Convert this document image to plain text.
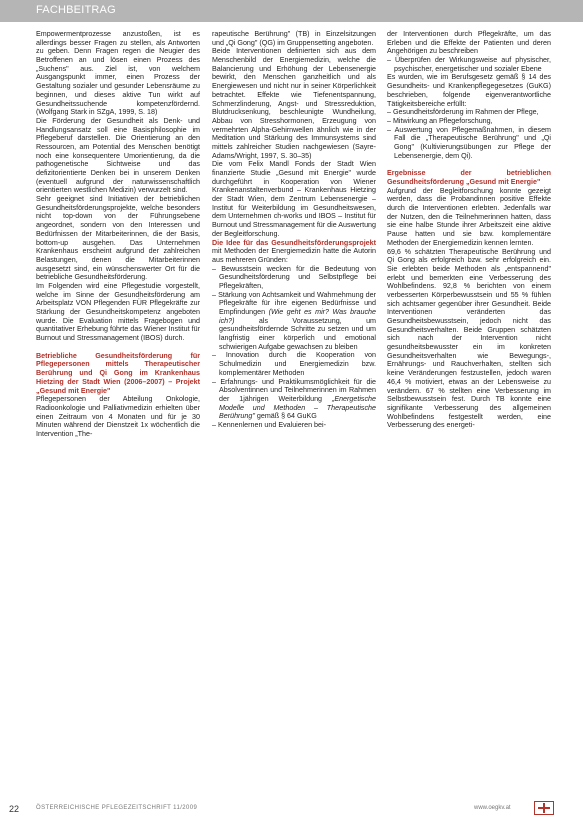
FACHBEITRAG

Empowermentprozesse anzustoßen, ist es allerdings besser Fragen zu stellen, als Antworten zu geben. Denn Fragen regen die Neugier des Betroffenen an und lösen einen Prozess des „Suchens" aus. Ziel ist, von welchem Ausgangspunkt immer, einen Prozess der Gestaltung sozialer und gesunder Lebensräume zu beginnen, und dieses aktive Tun wirkt auf Gesundheitssuchende kompetenzfördernd. (Wolfgang Stark in SZgA, 1999, S. 18)

Die Förderung der Gesundheit als Denk- und Handlungsansatz soll eine Basisphilosophie im Pflegeberuf darstellen. Die Orientierung an den Ressourcen, am Potential des Menschen benötigt noch eine konsequentere Umorientierung, da die pathogenetische Sichtweise und das defizitorientierte Denken bei in unserem Denken (eventuell aufgrund der naturwissenschaftlich orientierten westlichen Medizin) verwurzelt sind.

Sehr geeignet sind Initiativen der betrieblichen Gesundheitsförderungsprojekte, welche besonders nicht top-down von der Führungsebene angeordnet, sondern von den Interessen und Bedürfnissen der Mitarbeiterinnen, die der Basis, bottom-up ausgehen. Das Unternehmen Krankenhaus erscheint aufgrund der zahlreichen Belastungen, denen die Mitarbeiterinnen ausgesetzt sind, ein wünschenswerter Ort für die betriebliche Gesundheitsförderung.

Im Folgenden wird eine Pflegestudie vorgestellt, welche im Sinne der Gesundheitsförderung am Arbeitsplatz VON Pflegenden FÜR Pflegekräfte zur Stärkung der Gesundheitskompetenz angeboten wurde. Die Evaluation mittels Fragebogen und quantitativer Erhebung führte das Wiener Institut für Burnout und Stressmanagement (IBOS) durch.

Betriebliche Gesundheitsförderung für Pflegepersonen mittels Therapeutischer Berührung und Qi Gong im Krankenhaus Hietzing der Stadt Wien (2006–2007) – Projekt „Gesund mit Energie"

Pflegepersonen der Abteilung Onkologie, Radioonkologie und Palliativmedizin erhielten über einen Zeitraum von 4 Monaten und für je 30 Minuten während der Dienstzeit 1x wöchentlich die Intervention „The-

rapeutische Berührung" (TB) in Einzelsitzungen und „Qi Gong" (QG) im Gruppensetting angeboten.

Beide Interventionen definierten sich aus dem Menschenbild der Energiemedizin, welche die Balancierung und Erhöhung der Lebensenergie bewirkt, den Menschen ganzheitlich und als Energiewesen und nicht nur in seiner Körperlichkeit betrachtet. Effekte wie Tiefenentspannung, Schmerzlinderung, Angst- und Stressreduktion, Blutdrucksenkung, beschleunigte Wundheilung, Abbau von Stresshormonen, Erzeugung von vermehrten Alpha-Gehirnwellen ähnlich wie in der Meditation und Stärkung des Immunsystems sind mittels zahlreicher Studien nachgewiesen (Sayre-Adams/Wright, 1997, S. 30–35)

Die vom Felix Mandl Fonds der Stadt Wien finanzierte Studie „Gesund mit Energie" wurde durchgeführt in Kooperation von Wiener Krankenanstaltenverbund – Krankenhaus Hietzing der Stadt Wien, dem Zentrum Lebensenergie – Institut für Weiterbildung im Gesundheitswesen, dem Unternehmen ch-works und IBOS – Institut für Burnout und Stressmanagement für die Auswertung der Begleitforschung.

Die Idee für das Gesundheitsförderungsprojekt mit Methoden der Energiemedizin hatte die Autorin aus mehreren Gründen:

– Bewusstsein wecken für die Bedeutung von Gesundheitsförderung und Selbstpflege bei Pflegekräften,

– Stärkung von Achtsamkeit und Wahrnehmung der Pflegekräfte für ihre eigenen Bedürfnisse und Empfindungen (Wie geht es mir? Was brauche ich?) als Voraussetzung, um gesundheitsfördernde Schritte zu setzen und um langfristig einer körperlich und emotional schwierigen Aufgabe gewachsen zu bleiben

– Innovation durch die Kooperation von Schulmedizin und Energiemedizin bzw. komplementärer Methoden

– Erfahrungs- und Praktikumsmöglichkeit für die Absolventinnen und Teilnehmerinnen im Rahmen der 1jährigen Weiterbildung „Energetische Modelle und Methoden – Therapeutische Berührung" gemäß § 64 GuKG

– Kennenlernen und Evaluieren bei-

der Interventionen durch Pflegekräfte, um das Erleben und die Effekte der Patienten und deren Angehörigen zu beschreiben

– Überprüfen der Wirkungsweise auf physischer, psychischer, energetischer und sozialer Ebene

Es wurden, wie im Berufsgesetz gemäß § 14 des Gesundheits- und Krankenpflegegesetzes (GuKG) beschrieben, folgende eigenverantwortliche Tätigkeitsbereiche erfüllt:

– Gesundheitsförderung im Rahmen der Pflege,

– Mitwirkung an Pflegeforschung,

– Auswertung von Pflegemaßnahmen, in diesem Fall die „Therapeutische Berührung" und „Qi Gong" (Kultivierungsübungen zur Pflege der Lebensenergie, dem Qi).

Ergebnisse der betrieblichen Gesundheitsförderung „Gesund mit Energie"

Aufgrund der Begleitforschung konnte gezeigt werden, dass die Probandinnen positive Effekte durch die Interventionen erlebten. Jedenfalls war der Nutzen, den die Teilnehmerinnen hatten, dass sie eine halbe Stunde ihrer Arbeitszeit eine aktive Pause hatten und sie bzw. komplementäre Methoden der Energiemedizin kennen lernten.

69,6 % schätzten Therapeutische Berührung und Qi Gong als erfolgreich bzw. sehr erfolgreich ein. Sie erlebten beide Methoden als „entspannend" erlebt und bemerkten eine Verbesserung des Wohlbefindens. 92,8 % berichten von einem verbesserten Körperbewusstsein und 55 % fühlen sich achtsamer gegenüber ihrer Gesundheit. Beide Interventionen veränderten das Gesundheitsbewusstsein, jedoch nicht das Gesundheitsverhalten. Beide Gruppen schätzten sich nach der Intervention nicht gesundheitsbewusster ein im konkreten Gesundheitsverhalten wie Bewegungs-, Ernährungs- und Rauchverhalten, stellten sich keine Veränderungen festzustellen, jedoch waren 46,4 % motiviert, etwas an der Lebensweise zu verändern. 67 % stellten eine Verbesserung im Selbstbewusstsein fest. Durch TB konnte eine signifikante Verbesserung des allgemeinen Wohlbefindens festgestellt werden, eine Verbesserung des energeti-

22	ÖSTERREICHISCHE PFLEGEZEITSCHRIFT 11/2009	www.oegkv.at
